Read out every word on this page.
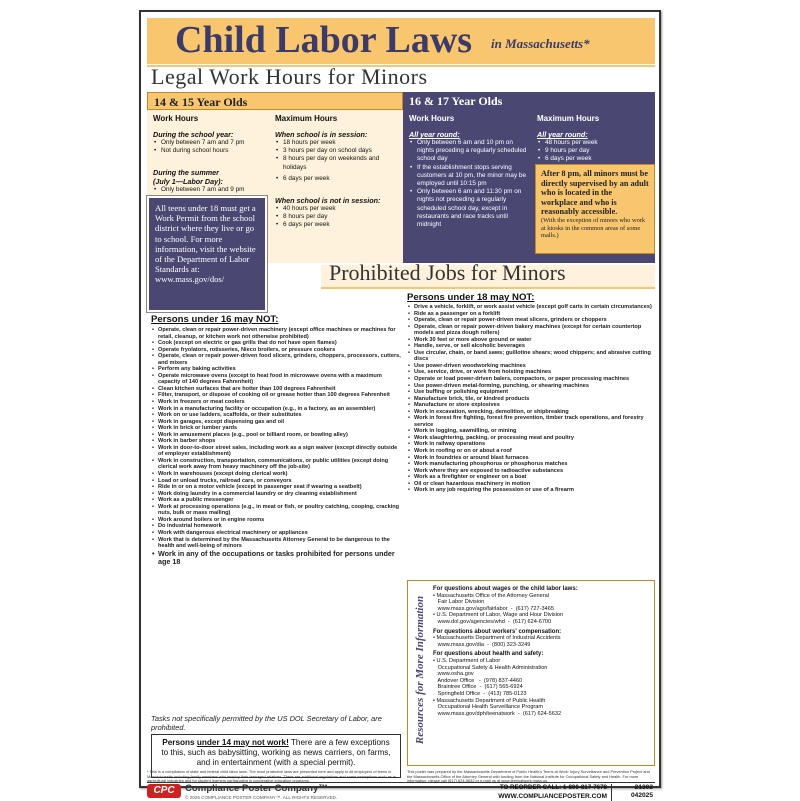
Child Labor Laws in Massachusetts*
Legal Work Hours for Minors
14 & 15 Year Olds	16 & 17 Year Olds
Work Hours
During the school year:
• Only between 7 am and 7 pm
• Not during school hours
During the summer
(July 1—Labor Day):
• Only between 7 am and 9 pm
Maximum Hours
When school is in session:
• 18 hours per week
• 3 hours per day on school days
• 8 hours per day on weekends and holidays
• 6 days per week
When school is not in session:
• 40 hours per week
• 8 hours per day
• 6 days per week
Work Hours
All year round:
• Only between 6 am and 10 pm on nights preceding a regularly scheduled school day
• If the establishment stops serving customers at 10 pm, the minor may be employed until 10:15 pm
• Only between 6 am and 11:30 pm on nights not preceding a regularly scheduled school day, except in restaurants and race tracks until midnight
Maximum Hours
All year round:
• 48 hours per week
• 9 hours per day
• 6 days per week
After 8 pm, all minors must be directly supervised by an adult who is located in the workplace and who is reasonably accessible.
(With the exception of minors who work at kiosks in the common areas of some malls.)
All teens under 18 must get a Work Permit from the school district where they live or go to school. For more information, visit the website of the Department of Labor Standards at: www.mass.gov/dos/	Prohibited Jobs for Minors
Persons under 16 may NOT:
• Operate, clean or repair power-driven machinery (except office machines or machines for retail, cleanup, or kitchen work not otherwise prohibited)
• Cook (except on electric or gas grills that do not have open flames)
• Operate fryolators, rotisseries, Nieco broilers, or pressure cookers
• Operate, clean or repair power-driven food slicers, grinders, choppers, processors, cutters, and mixers
• Perform any baking activities
• Operate microwave ovens (except to heat food in microwave ovens with a maximum capacity of 140 degrees Fahrenheit)
• Clean kitchen surfaces that are hotter than 100 degrees Fahrenheit
• Filter, transport, or dispose of cooking oil or grease hotter than 100 degrees Fahrenheit
• Work in freezers or meat coolers
• Work in a manufacturing facility or occupation (e.g., in a factory, as an assembler)
• Work on or use ladders, scaffolds, or their substitutes
• Work in garages, except dispensing gas and oil
• Work in brick or lumber yards
• Work in amusement places (e.g., pool or billiard room, or bowling alley)
• Work in barber shops
• Work in door-to-door street sales, including work as a sign waiver (except directly outside of employer establishment)
• Work in construction, transportation, communications, or public utilities (except doing clerical work away from heavy machinery off the job-site)
• Work in warehouses (except doing clerical work)
• Load or unload trucks, railroad cars, or conveyors
• Ride in or on a motor vehicle (except in passenger seat if wearing a seatbelt)
• Work doing laundry in a commercial laundry or dry cleaning establishment
• Work as a public messenger
• Work at processing operations (e.g., in meat or fish, or poultry catching, cooping, cracking nuts, bulk or mass mailing)
• Work around boilers or in engine rooms
• Do industrial homework
• Work with dangerous electrical machinery or appliances
• Work that is determined by the Massachusetts Attorney General to be dangerous to the health and well-being of minors
• Work in any of the occupations or tasks prohibited for persons under age 18
Tasks not specifically permitted by the US DOL Secretary of Labor, are prohibited.
Persons under 14 may not work! There are a few exceptions to this, such as babysitting, working as news carriers, on farms, and in entertainment (with a special permit).
Persons under 18 may NOT:
• Drive a vehicle, forklift, or work assist vehicle (except golf carts in certain circumstances)
• Ride as a passenger on a forklift
• Operate, clean or repair power-driven meat slicers, grinders or choppers
• Operate, clean or repair power-driven bakery machines (except for certain countertop models and pizza dough rollers)
• Work 30 feet or more above ground or water
• Handle, serve, or sell alcoholic beverages
• Use circular, chain, or band saws; guillotine shears; wood chippers; and abrasive cutting discs
• Use power-driven woodworking machines
• Use, service, drive, or work from hoisting machines
• Operate or load power-driven balers, compactors, or paper processing machines
• Use power-driven metal-forming, punching, or shearing machines
• Use buffing or polishing equipment
• Manufacture brick, tile, or kindred products
• Manufacture or store explosives
• Work in excavation, wrecking, demolition, or shipbreaking
• Work in forest fire fighting, forest fire prevention, timber track operations, and forestry service
• Work in logging, sawmilling, or mining
• Work slaughtering, packing, or processing meat and poultry
• Work in railway operations
• Work in roofing or on or about a roof
• Work in foundries or around blast furnaces
• Work manufacturing phosphorus or phosphorus matches
• Work where they are exposed to radioactive substances
• Work as a firefighter or engineer on a boat
• Oil or clean hazardous machinery in motion
• Work in any job requiring the possession or use of a firearm
Resources for More Information
For questions about wages or the child labor laws:
• Massachusetts Office of the Attorney General
Fair Labor Division
www.mass.gov/ago/fairlabor  -  (617) 727-3465
• U.S. Department of Labor, Wage and Hour Division
www.dol.gov/agencies/whd  -  (617) 624-6700
For questions about workers' compensation:
• Massachusetts Department of Industrial Accidents
www.mass.gov/dia  -  (800) 323-3249
For questions about health and safety:
• U.S. Department of Labor
Occupational Safety & Health Administration
www.osha.gov
Andover Office   -  (978) 837-4460
Braintree Office  -  (617) 565-6924
Springfield Office  -  (413) 785-0123
• Massachusetts Department of Public Health
Occupational Health Surveillance Program
www.mass.gov/dph/teenatwork  -  (617) 624-5632
* This is a compilation of state and federal child labor laws. The most protective laws are presented here and apply to all employers of teens in Massachusetts including family members who employ their teenaged relatives. There are additional regulations and some exemptions such as in agricultural industries and for student learners participating in cooperative education programs.
This poster was prepared by the Massachusetts Department of Public Health's Teens at Work: Injury Surveillance and Prevention Project and the Massachusetts Office of the Attorney General with funding from the National Institute for Occupational Safety and Health. For more information, please call (617) 624-5632 or e-mail us at www.teensatwork.mass.us.
CPC	Compliance Poster Company™
© 2025 COMPLIANCE POSTER COMPANY™. ALL RIGHTS RESERVED.
TO REORDER CALL: 1-800-817-7678
WWW.COMPLIANCEPOSTER.COM
21302
042025
